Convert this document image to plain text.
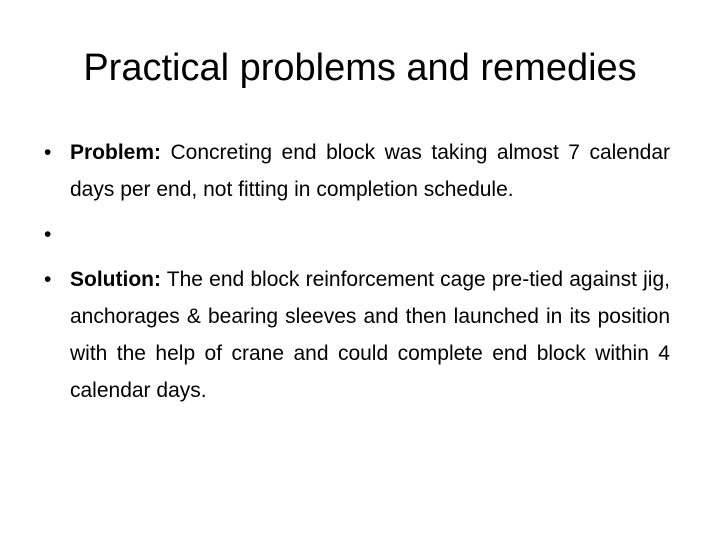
Practical problems and remedies
• Problem: Concreting end block was taking almost 7 calendar days per end, not fitting in completion schedule.
•
• Solution: The end block reinforcement cage pre-tied against jig, anchorages & bearing sleeves and then launched in its position with the help of crane and could complete end block within 4 calendar days.
